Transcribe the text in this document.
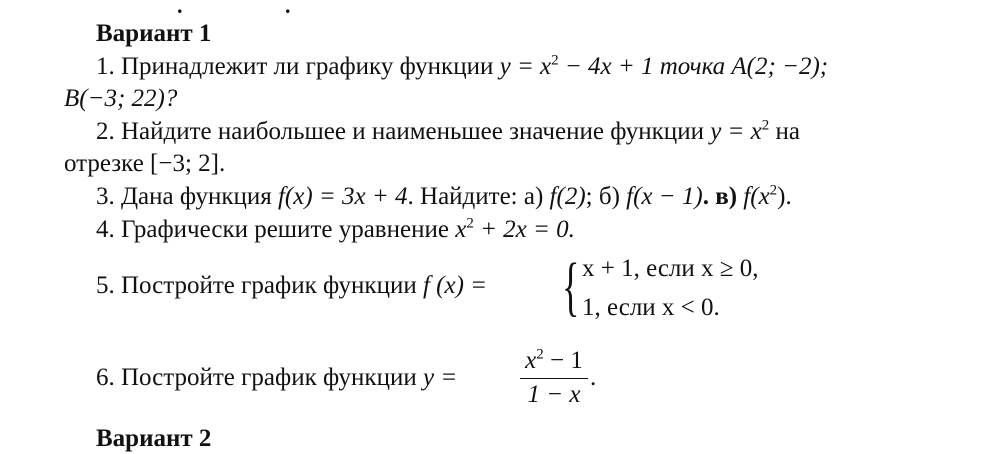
.	.
Вариант 1
1. Принадлежит ли графику функции $y = x^2 - 4x + 1$ точка A(2; −2);
B(−3; 22)?
2. Найдите наибольшее и наименьшее значение функции $y = x^2$ на
отрезке [−3; 2].
3. Дана функция f(x) = 3x + 4. Найдите: а) f(2); б) f(x − 1). в) $f(x^2)$.
4. Графически решите уравнение $x^2 + 2x = 0$.
5. Постройте график функции f (x) = { x + 1, если x ≥ 0,
1, если x < 0.
6. Постройте график функции y =	$\frac{x^2 - 1}{1 - x}$ .
Вариант 2
